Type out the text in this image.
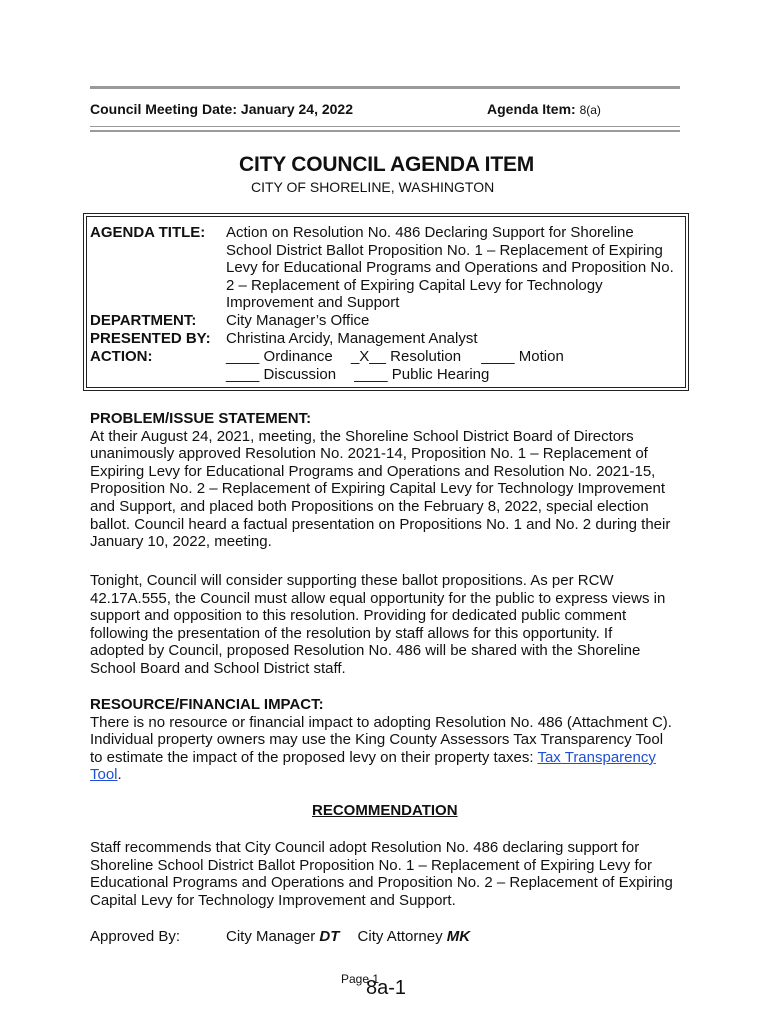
Council Meeting Date: January 24, 2022	Agenda Item: 8(a)
CITY COUNCIL AGENDA ITEM
CITY OF SHORELINE, WASHINGTON
AGENDA TITLE: Action on Resolution No. 486 Declaring Support for Shoreline
School District Ballot Proposition No. 1 – Replacement of Expiring
Levy for Educational Programs and Operations and Proposition No.
2 – Replacement of Expiring Capital Levy for Technology
Improvement and Support
DEPARTMENT: City Manager’s Office
PRESENTED BY: Christina Arcidy, Management Analyst
ACTION:	____ Ordinance _X__ Resolution ____ Motion
____ Discussion ____ Public Hearing
PROBLEM/ISSUE STATEMENT:
At their August 24, 2021, meeting, the Shoreline School District Board of Directors
unanimously approved Resolution No. 2021-14, Proposition No. 1 – Replacement of
Expiring Levy for Educational Programs and Operations and Resolution No. 2021-15,
Proposition No. 2 – Replacement of Expiring Capital Levy for Technology Improvement
and Support, and placed both Propositions on the February 8, 2022, special election
ballot. Council heard a factual presentation on Propositions No. 1 and No. 2 during their
January 10, 2022, meeting.
Tonight, Council will consider supporting these ballot propositions. As per RCW
42.17A.555, the Council must allow equal opportunity for the public to express views in
support and opposition to this resolution. Providing for dedicated public comment
following the presentation of the resolution by staff allows for this opportunity. If
adopted by Council, proposed Resolution No. 486 will be shared with the Shoreline
School Board and School District staff.
RESOURCE/FINANCIAL IMPACT:
There is no resource or financial impact to adopting Resolution No. 486 (Attachment C).
Individual property owners may use the King County Assessors Tax Transparency Tool
to estimate the impact of the proposed levy on their property taxes: Tax Transparency
Tool.
RECOMMENDATION
Staff recommends that City Council adopt Resolution No. 486 declaring support for
Shoreline School District Ballot Proposition No. 1 – Replacement of Expiring Levy for
Educational Programs and Operations and Proposition No. 2 – Replacement of Expiring
Capital Levy for Technology Improvement and Support.
Approved By:	City Manager DT City Attorney MK
Page 1
8a-1
